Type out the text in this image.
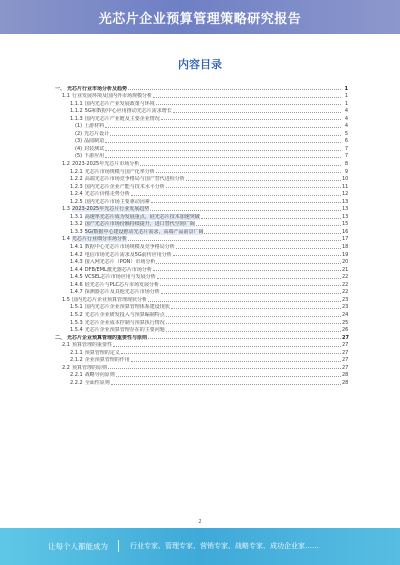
光芯片企业预算管理策略研究报告
内容目录
一、 光芯片行业市场分析及趋势	1
1.1 行业发展环境及国内外市场规模分析	1
1.1.1 国内光芯片产业发展政策与环境	1
1.1.2 5G和数据中心应用推动光芯片需求增长	4
1.1.3 国内光芯片产业链及主要企业情况	4
(1) 上游材料	4
(2) 光芯片设计	5
(3) 晶圆制造	6
(4) 封装测试	7
(5) 下游应用	7
1.2 2023-2025年光芯片市场分析	8
1.2.1 光芯片市场规模与国产化率分析	9
1.2.2 高端光芯片市场竞争格局与国产替代进程分析	10
1.2.3 国内光芯片企业产能与技术水平分析	11
1.2.4 光芯片价格走势分析	12
1.2.5 国内光芯片市场主要驱动因素	13
1.3 2023-2025年光芯片行业发展趋势	13
1.3.1 高速率光芯片成为发展重点，硅光芯片技术加速突破	13
1.3.2 国产光芯片市场份额持续提升，进口替代空间广阔	15
1.3.3 5G/数据中心建设推动光芯片需求，高端产品前景广阔	16
1.4 光芯片行业细分市场分析	17
1.4.1 数据中心光芯片市场规模及竞争格局分析	18
1.4.2 电信市场光芯片需求及5G前传应用分析	19
1.4.3 接入网光芯片（PON）市场分析	20
1.4.4 DFB/EML激光器芯片市场分析	21
1.4.5 VCSEL芯片市场应用与发展分析	22
1.4.6 硅光芯片与PLC芯片市场发展分析	22
1.4.7 探测器芯片及其他光芯片市场分析	22
1.5 国内光芯片企业预算管理现状分析	23
1.5.1 国内光芯片企业预算管理体系建设现状	23
1.5.2 光芯片企业研发投入与预算编制特点	24
1.5.3 光芯片企业成本控制与预算执行情况	25
1.5.4 光芯片企业预算管理存在的主要问题	26
二、 光芯片企业预算管理的重要性与原则	27
2.1 预算管理的重要性	27
2.1.1 预算管理的定义	27
2.1.2 企业预算管理的作用	27
2.2 预算管理的原则	27
2.2.1 战略导向原则	28
2.2.2 全面性原则	28
2
让每个人都能成为	行业专家、管理专家、营销专家、战略专家、成功企业家……
